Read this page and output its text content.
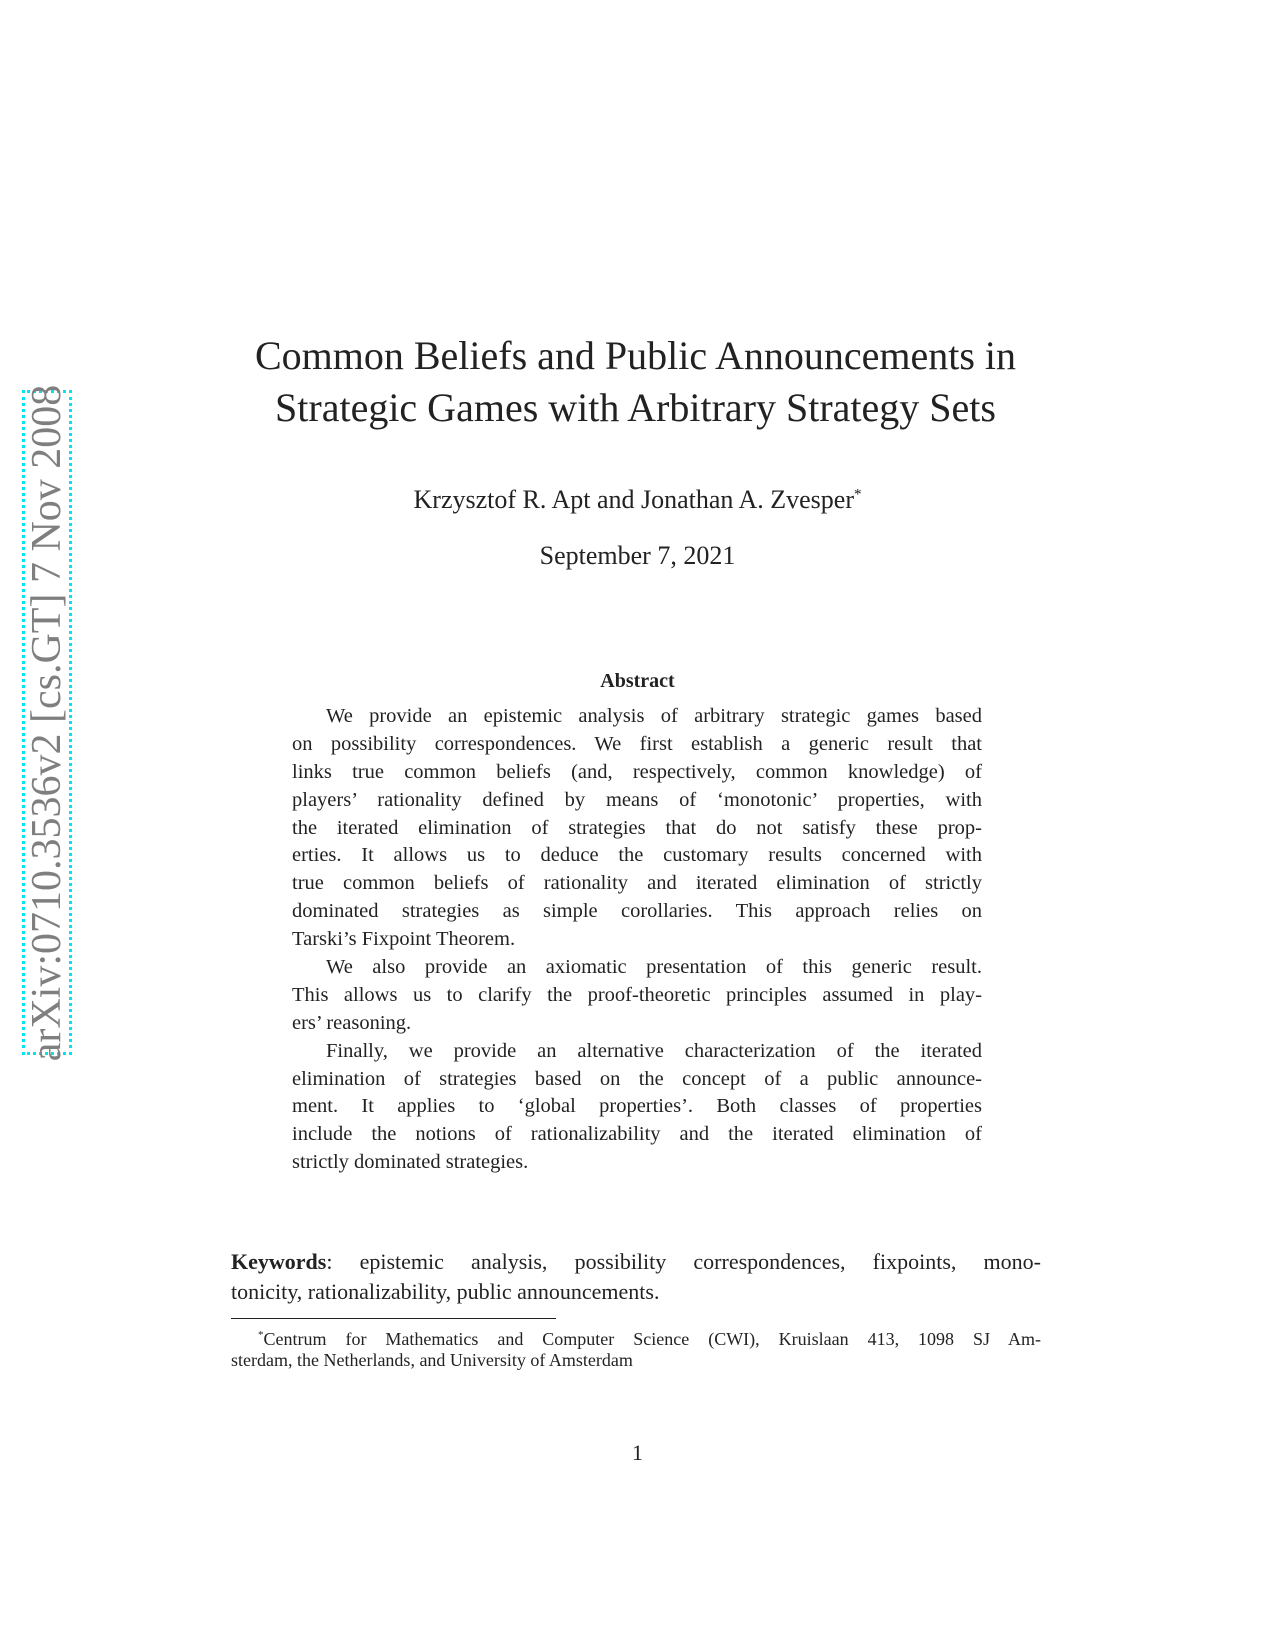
arXiv:0710.3536v2 [cs.GT] 7 Nov 2008
Common Beliefs and Public Announcements in
Strategic Games with Arbitrary Strategy Sets
Krzysztof R. Apt and Jonathan A. Zvesper*
September 7, 2021
Abstract
We provide an epistemic analysis of arbitrary strategic games based
on possibility correspondences. We first establish a generic result that
links true common beliefs (and, respectively, common knowledge) of
players’ rationality defined by means of ‘monotonic’ properties, with
the iterated elimination of strategies that do not satisfy these prop-
erties. It allows us to deduce the customary results concerned with
true common beliefs of rationality and iterated elimination of strictly
dominated strategies as simple corollaries. This approach relies on
Tarski’s Fixpoint Theorem.
We also provide an axiomatic presentation of this generic result.
This allows us to clarify the proof-theoretic principles assumed in play-
ers’ reasoning.
Finally, we provide an alternative characterization of the iterated
elimination of strategies based on the concept of a public announce-
ment. It applies to ‘global properties’. Both classes of properties
include the notions of rationalizability and the iterated elimination of
strictly dominated strategies.
Keywords: epistemic analysis, possibility correspondences, fixpoints, mono-
tonicity, rationalizability, public announcements.
*Centrum for Mathematics and Computer Science (CWI), Kruislaan 413, 1098 SJ Am-
sterdam, the Netherlands, and University of Amsterdam
1
